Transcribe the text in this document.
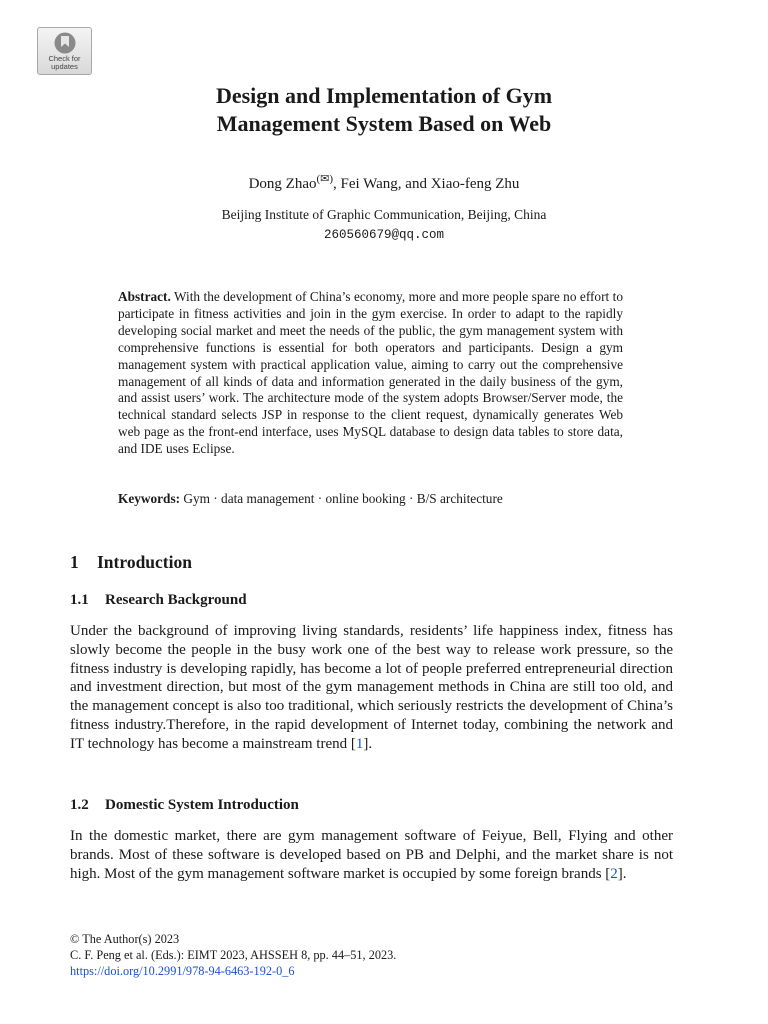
Check for
updates
Design and Implementation of Gym
Management System Based on Web
Dong Zhao(✉), Fei Wang, and Xiao-feng Zhu
Beijing Institute of Graphic Communication, Beijing, China
260560679@qq.com

Abstract. With the development of China’s economy, more and more people spare no effort to participate in fitness activities and join in the gym exercise. In order to adapt to the rapidly developing social market and meet the needs of the public, the gym management system with comprehensive functions is essential for both operators and participants. Design a gym management system with practical application value, aiming to carry out the comprehensive management of all kinds of data and information generated in the daily business of the gym, and assist users’ work. The architecture mode of the system adopts Browser/Server mode, the technical standard selects JSP in response to the client request, dynamically generates Web web page as the front-end interface, uses MySQL database to design data tables to store data, and IDE uses Eclipse.

Keywords: Gym · data management · online booking · B/S architecture

1 Introduction
1.1 Research Background

Under the background of improving living standards, residents’ life happiness index, fitness has slowly become the people in the busy work one of the best way to release work pressure, so the fitness industry is developing rapidly, has become a lot of people preferred entrepreneurial direction and investment direction, but most of the gym management methods in China are still too old, and the management concept is also too traditional, which seriously restricts the development of China’s fitness industry.Therefore, in the rapid development of Internet today, combining the network and IT technology has become a mainstream trend [1].

1.2 Domestic System Introduction

In the domestic market, there are gym management software of Feiyue, Bell, Flying and other brands. Most of these software is developed based on PB and Delphi, and the market share is not high. Most of the gym management software market is occupied by some foreign brands [2].

© The Author(s) 2023
C. F. Peng et al. (Eds.): EIMT 2023, AHSSEH 8, pp. 44–51, 2023.
https://doi.org/10.2991/978-94-6463-192-0_6
